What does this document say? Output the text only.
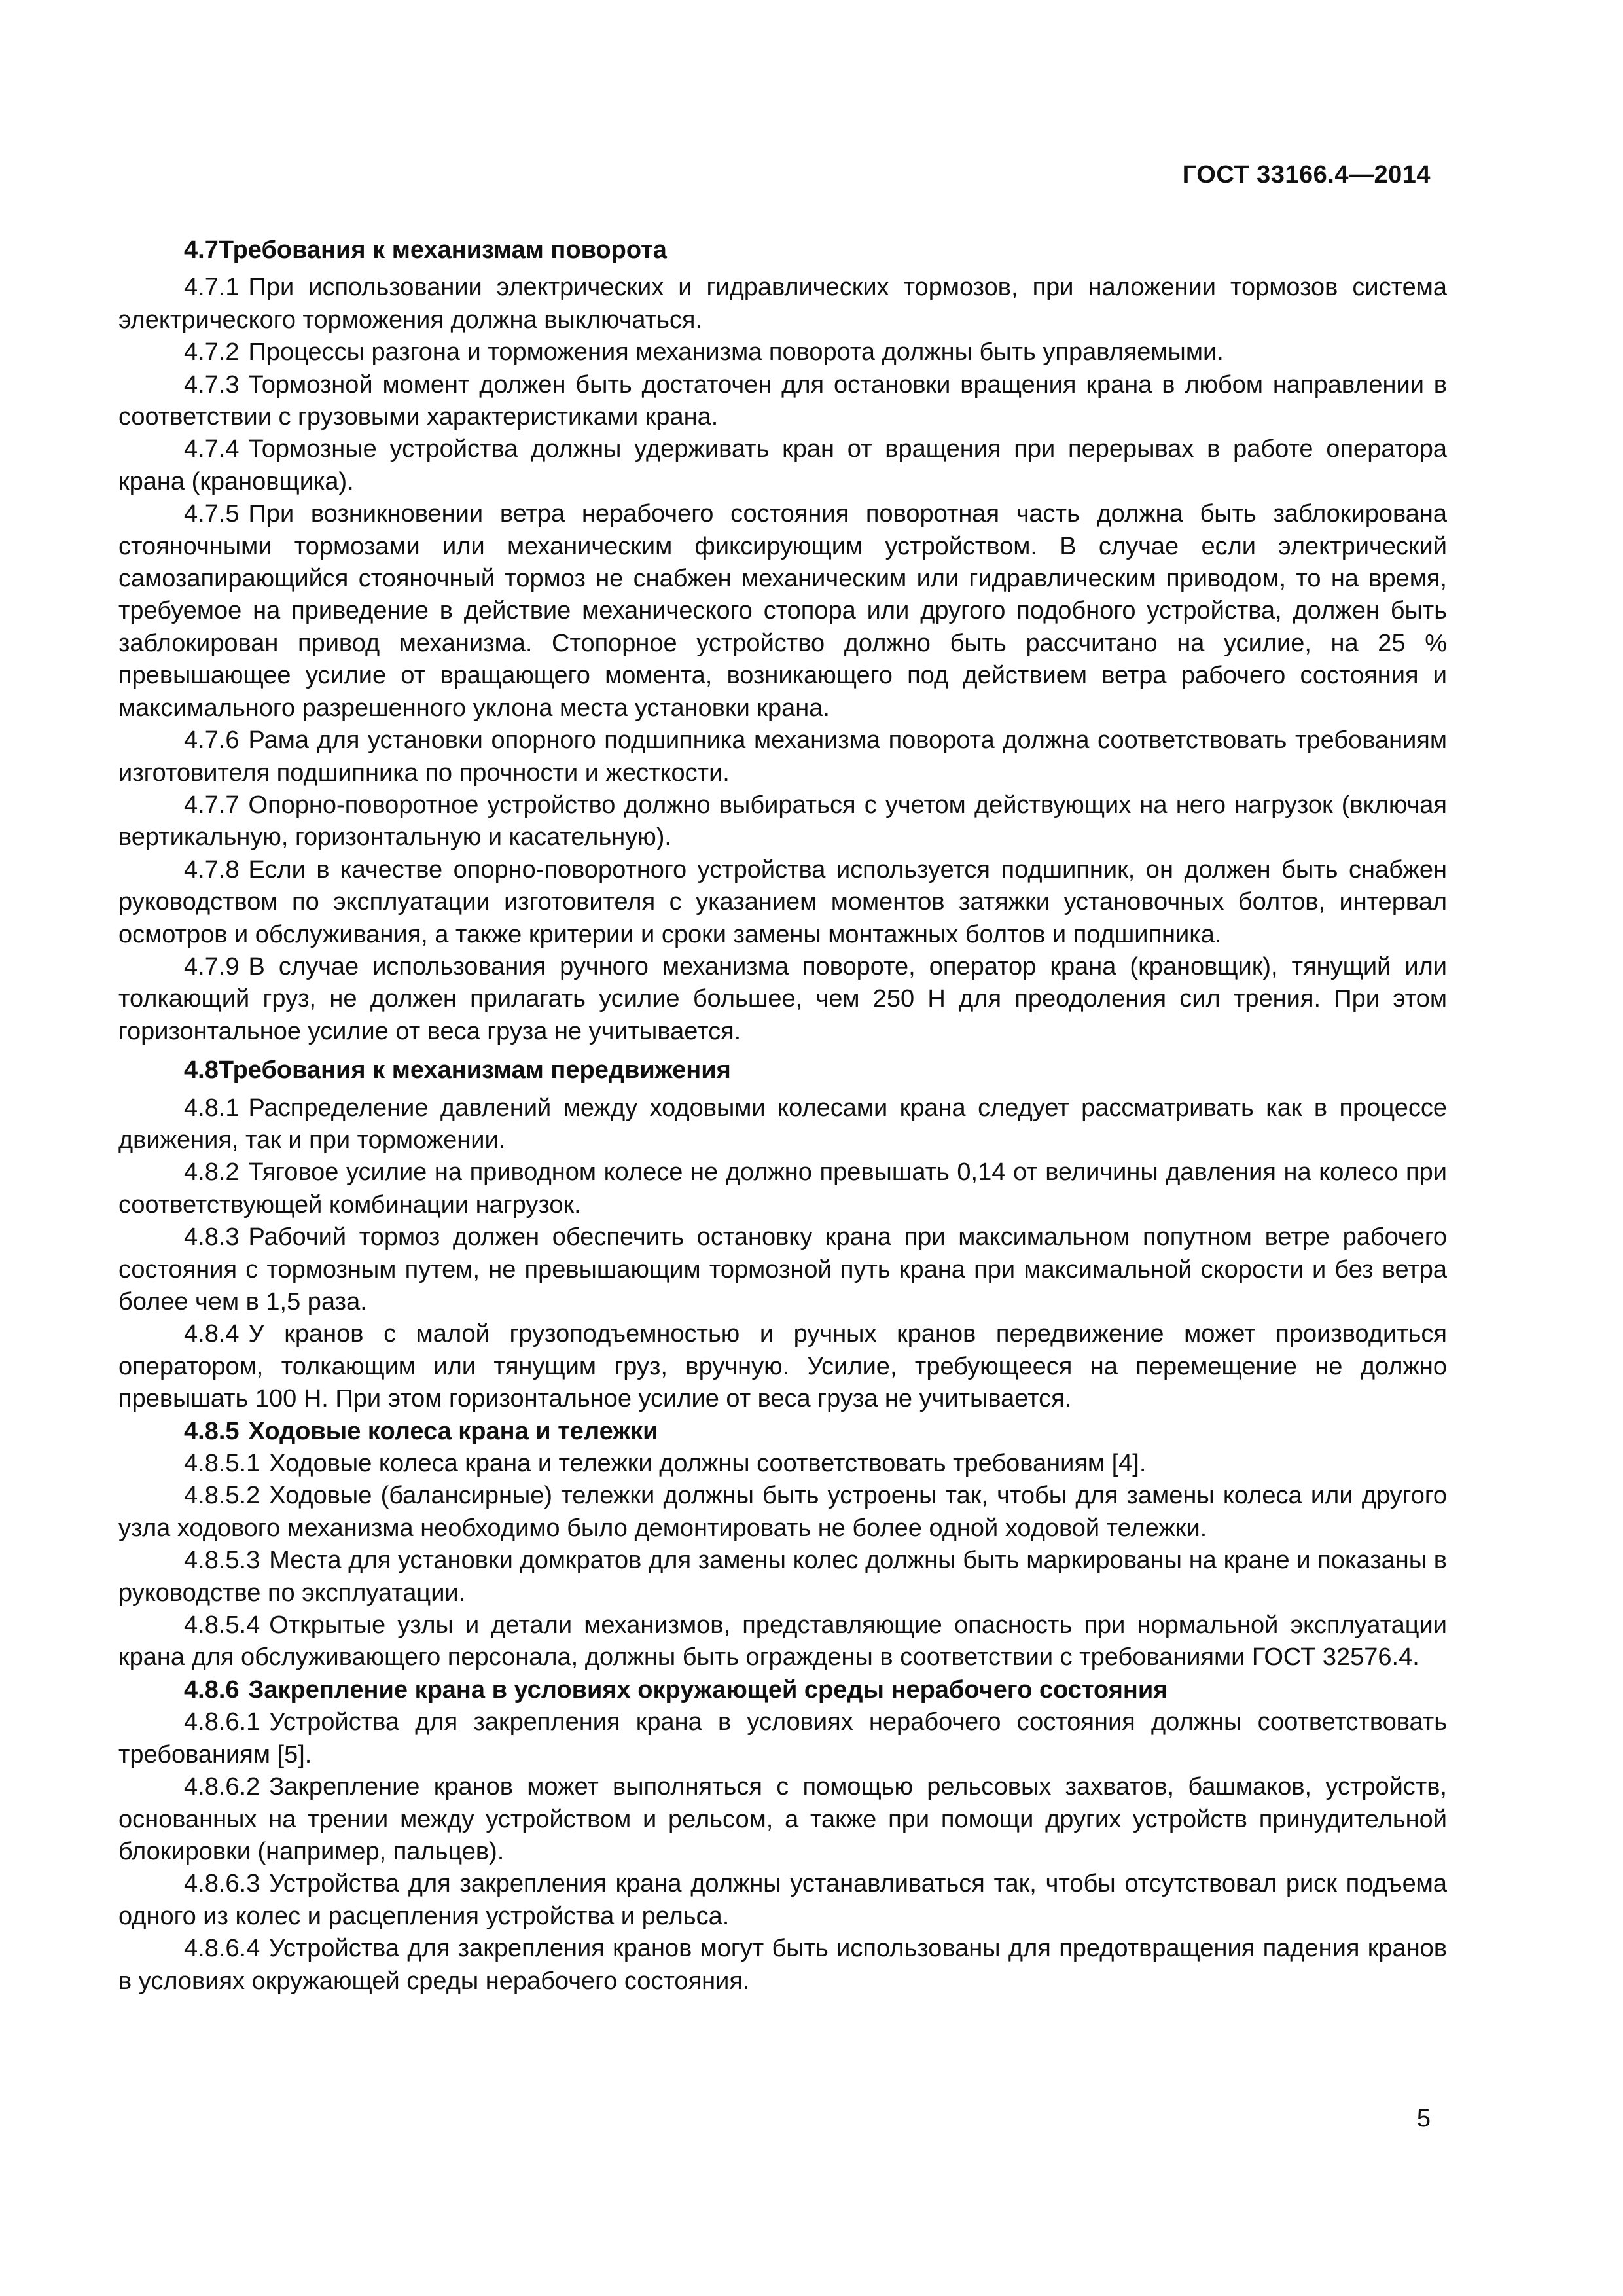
ГОСТ 33166.4—2014
4.7Требования к механизмам поворота
4.7.1 При использовании электрических и гидравлических тормозов, при наложении тормозов система электрического торможения должна выключаться.
4.7.2 Процессы разгона и торможения механизма поворота должны быть управляемыми.
4.7.3 Тормозной момент должен быть достаточен для остановки вращения крана в любом направлении в соответствии с грузовыми характеристиками крана.
4.7.4 Тормозные устройства должны удерживать кран от вращения при перерывах в работе оператора крана (крановщика).
4.7.5 При возникновении ветра нерабочего состояния поворотная часть должна быть заблокирована стояночными тормозами или механическим фиксирующим устройством. В случае если электрический самозапирающийся стояночный тормоз не снабжен механическим или гидравлическим приводом, то на время, требуемое на приведение в действие механического стопора или другого подобного устройства, должен быть заблокирован привод механизма. Стопорное устройство должно быть рассчитано на усилие, на 25 % превышающее усилие от вращающего момента, возникающего под действием ветра рабочего состояния и максимального разрешенного уклона места установки крана.
4.7.6 Рама для установки опорного подшипника механизма поворота должна соответствовать требованиям изготовителя подшипника по прочности и жесткости.
4.7.7 Опорно-поворотное устройство должно выбираться с учетом действующих на него нагрузок (включая вертикальную, горизонтальную и касательную).
4.7.8 Если в качестве опорно-поворотного устройства используется подшипник, он должен быть снабжен руководством по эксплуатации изготовителя с указанием моментов затяжки установочных болтов, интервал осмотров и обслуживания, а также критерии и сроки замены монтажных болтов и подшипника.
4.7.9 В случае использования ручного механизма повороте, оператор крана (крановщик), тянущий или толкающий груз, не должен прилагать усилие большее, чем 250 Н для преодоления сил трения. При этом горизонтальное усилие от веса груза не учитывается.
4.8Требования к механизмам передвижения
4.8.1 Распределение давлений между ходовыми колесами крана следует рассматривать как в процессе движения, так и при торможении.
4.8.2 Тяговое усилие на приводном колесе не должно превышать 0,14 от величины давления на колесо при соответствующей комбинации нагрузок.
4.8.3 Рабочий тормоз должен обеспечить остановку крана при максимальном попутном ветре рабочего состояния с тормозным путем, не превышающим тормозной путь крана при максимальной скорости и без ветра более чем в 1,5 раза.
4.8.4 У кранов с малой грузоподъемностью и ручных кранов передвижение может производиться оператором, толкающим или тянущим груз, вручную. Усилие, требующееся на перемещение не должно превышать 100 Н. При этом горизонтальное усилие от веса груза не учитывается.
4.8.5 Ходовые колеса крана и тележки
4.8.5.1 Ходовые колеса крана и тележки должны соответствовать требованиям [4].
4.8.5.2 Ходовые (балансирные) тележки должны быть устроены так, чтобы для замены колеса или другого узла ходового механизма необходимо было демонтировать не более одной ходовой тележки.
4.8.5.3 Места для установки домкратов для замены колес должны быть маркированы на кране и показаны в руководстве по эксплуатации.
4.8.5.4 Открытые узлы и детали механизмов, представляющие опасность при нормальной эксплуатации крана для обслуживающего персонала, должны быть ограждены в соответствии с требованиями ГОСТ 32576.4.
4.8.6 Закрепление крана в условиях окружающей среды нерабочего состояния
4.8.6.1 Устройства для закрепления крана в условиях нерабочего состояния должны соответствовать требованиям [5].
4.8.6.2 Закрепление кранов может выполняться с помощью рельсовых захватов, башмаков, устройств, основанных на трении между устройством и рельсом, а также при помощи других устройств принудительной блокировки (например, пальцев).
4.8.6.3 Устройства для закрепления крана должны устанавливаться так, чтобы отсутствовал риск подъема одного из колес и расцепления устройства и рельса.
4.8.6.4 Устройства для закрепления кранов могут быть использованы для предотвращения падения кранов в условиях окружающей среды нерабочего состояния.
5
